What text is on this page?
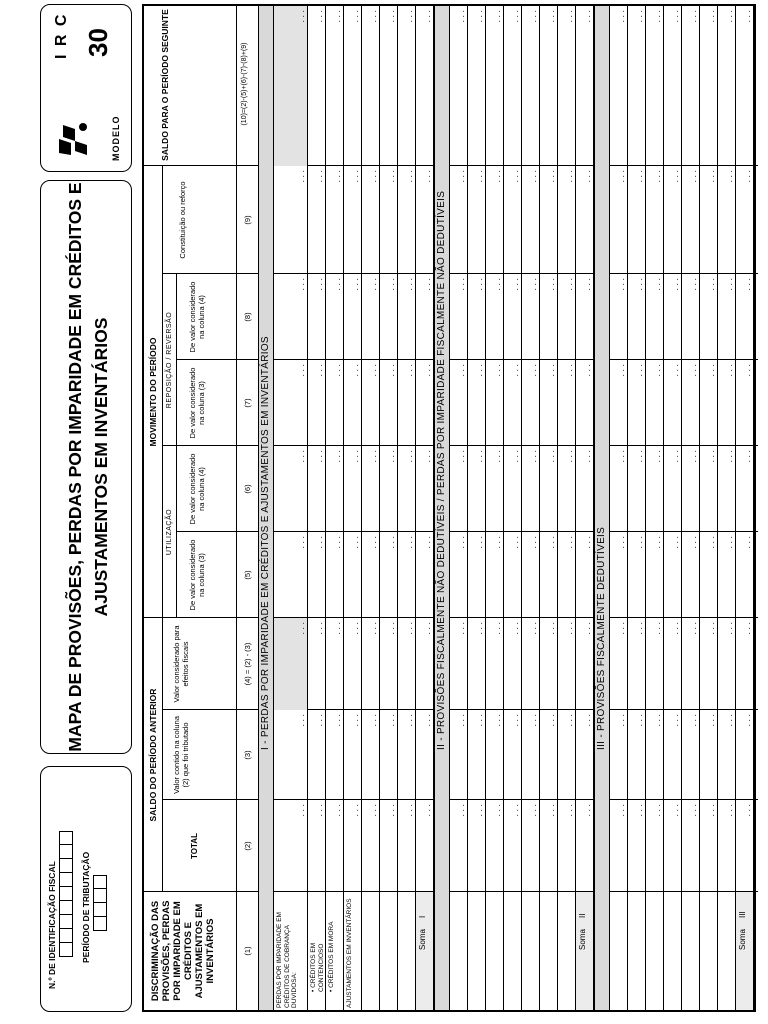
N.º DE IDENTIFICAÇÃO FISCAL	PERÍODO DE TRIBUTAÇÃO
MAPA DE PROVISÕES, PERDAS POR IMPARIDADE EM CRÉDITOS E AJUSTAMENTOS EM INVENTÁRIOS
I R C 30
MODELO
DISCRIMINAÇÃO DAS PROVISÕES, PERDAS POR IMPARIDADE EM CRÉDITOS E AJUSTAMENTOS EM INVENTÁRIOS
SALDO DO PERÍODO ANTERIOR
TOTAL
Valor contido na coluna (2) que foi tributado
Valor considerado para efeitos fiscais
MOVIMENTO DO PERÍODO
UTILIZAÇÃO
REPOSIÇÃO / REVERSÃO
De valor considerado na coluna (3)
De valor considerado na coluna (4)
De valor considerado na coluna (3)
De valor considerado na coluna (4)
Constituição ou reforço
SALDO PARA O PERÍODO SEGUINTE
(1)
(2)
(3)
(4) = (2) - (3)
(5)
(6)
(7)
(8)
(9)
(10)=(2)-(5)+(6)-(7)-(8)+(9)
I - PERDAS POR IMPARIDADE EM CRÉDITOS E AJUSTAMENTOS EM INVENTÁRIOS
PERDAS POR IMPARIDADE EM CRÉDITOS DE COBRANÇA DUVIDOSA:
. . .
. . .
. . .
. . .
. . .
. . .
. . .
. . .
. . .
• CRÉDITOS EM CONTENCIOSO
. . .
. . .
. . .
. . .
. . .
. . .
. . .
. . .
. . .
• CRÉDITOS EM MORA
. . .
. . .
. . .
. . .
. . .
. . .
. . .
. . .
. . .
AJUSTAMENTOS EM INVENTÁRIOS
. . .
. . .
. . .
. . .
. . .
. . .
. . .
. . .
. . .
. . .
. . .
. . .
. . .
. . .
. . .
. . .
. . .
. . .
. . .
. . .
. . .
. . .
. . .
. . .
. . .
. . .
. . .
. . .
. . .
. . .
. . .
. . .
. . .
. . .
. . .
. . .
Soma
I
. . .
. . .
. . .
. . .
. . .
. . .
. . .
. . .
. . .
II - PROVISÕES FISCALMENTE NÃO DEDUTÍVEIS / PERDAS POR IMPARIDADE FISCALMENTE NÃO DEDUTÍVEIS
. . .
. . .
. . .
. . .
. . .
. . .
. . .
. . .
. . .
. . .
. . .
. . .
. . .
. . .
. . .
. . .
. . .
. . .
. . .
. . .
. . .
. . .
. . .
. . .
. . .
. . .
. . .
. . .
. . .
. . .
. . .
. . .
. . .
. . .
. . .
. . .
. . .
. . .
. . .
. . .
. . .
. . .
. . .
. . .
. . .
. . .
. . .
. . .
. . .
. . .
. . .
. . .
. . .
. . .
. . .
. . .
. . .
. . .
. . .
. . .
. . .
. . .
. . .
Soma
II
. . .
. . .
. . .
. . .
. . .
. . .
. . .
. . .
. . .
III - PROVISÕES FISCALMENTE DEDUTÍVEIS
. . .
. . .
. . .
. . .
. . .
. . .
. . .
. . .
. . .
. . .
. . .
. . .
. . .
. . .
. . .
. . .
. . .
. . .
. . .
. . .
. . .
. . .
. . .
. . .
. . .
. . .
. . .
. . .
. . .
. . .
. . .
. . .
. . .
. . .
. . .
. . .
. . .
. . .
. . .
. . .
. . .
. . .
. . .
. . .
. . .
. . .
. . .
. . .
. . .
. . .
. . .
. . .
. . .
. . .
. . .
. . .
. . .
. . .
. . .
. . .
. . .
. . .
. . .
Soma
III
. . .
. . .
. . .
. . .
. . .
. . .
. . .
. . .
. . .
